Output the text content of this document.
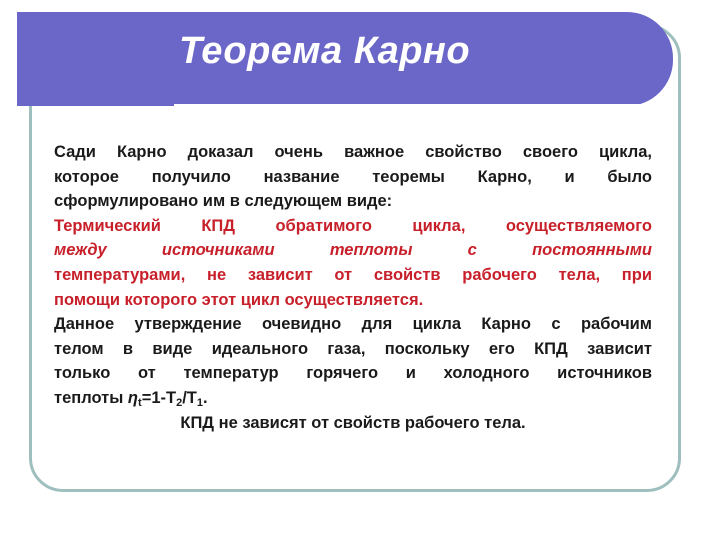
Теорема Карно
Сади Карно доказал очень важное свойство своего цикла,
которое получило название теоремы Карно, и было
сформулировано им в следующем виде:
Термический КПД обратимого цикла, осуществляемого
между источниками теплоты с постоянными
температурами, не зависит от свойств рабочего тела, при
помощи которого этот цикл осуществляется.
Данное утверждение очевидно для цикла Карно с рабочим
телом в виде идеального газа, поскольку его КПД зависит
только от температур горячего и холодного источников
теплоты $\eta_t=1-T_2/T_1$.
КПД не зависят от свойств рабочего тела.
